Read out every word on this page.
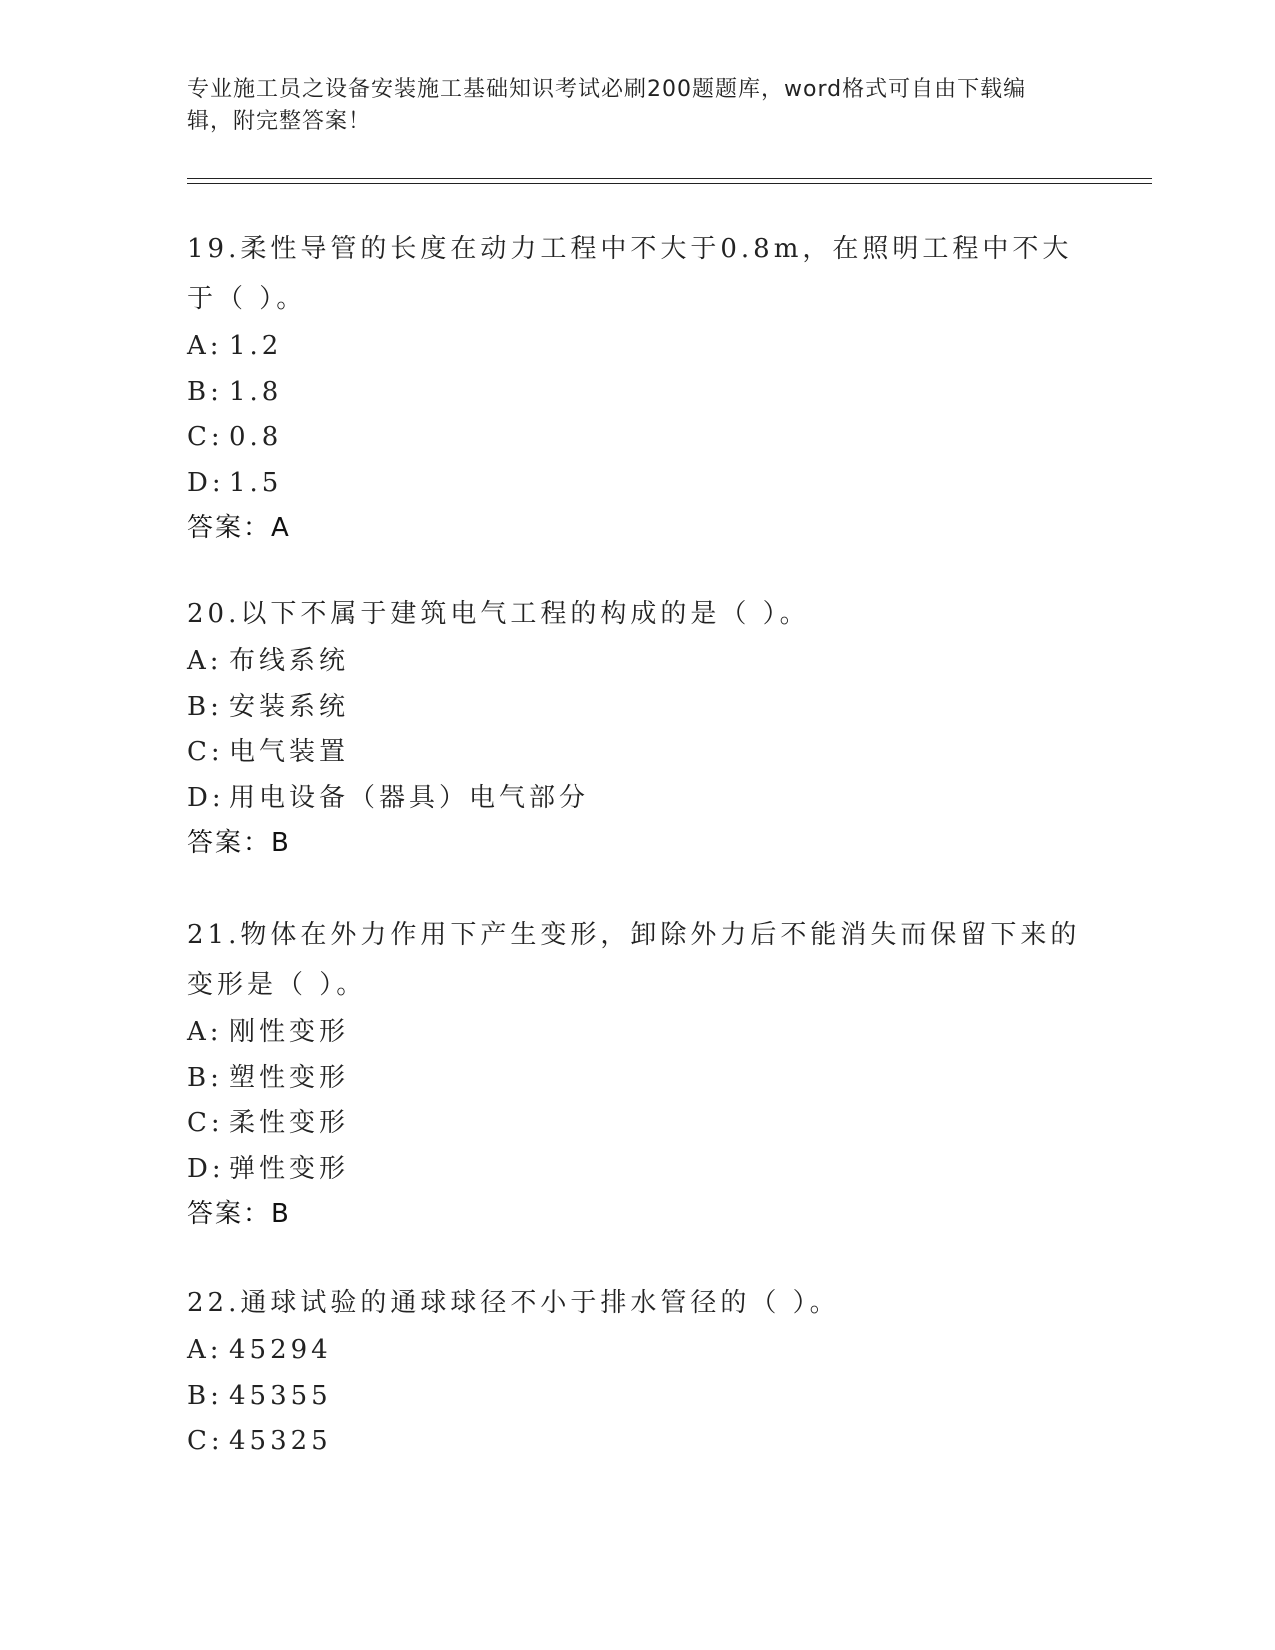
专业施工员之设备安装施工基础知识考试必刷200题题库，word格式可自由下载编辑，附完整答案！

19.柔性导管的长度在动力工程中不大于0.8m，在照明工程中不大于（ ）。

A: 1.2

B: 1.8

C: 0.8

D: 1.5

答案：A

20.以下不属于建筑电气工程的构成的是（ ）。

A: 布线系统

B: 安装系统

C: 电气装置

D: 用电设备（器具）电气部分

答案：B

21.物体在外力作用下产生变形，卸除外力后不能消失而保留下来的变形是（ ）。

A: 刚性变形

B: 塑性变形

C: 柔性变形

D: 弹性变形

答案：B

22.通球试验的通球球径不小于排水管径的（ ）。

A: 45294

B: 45355

C: 45325
